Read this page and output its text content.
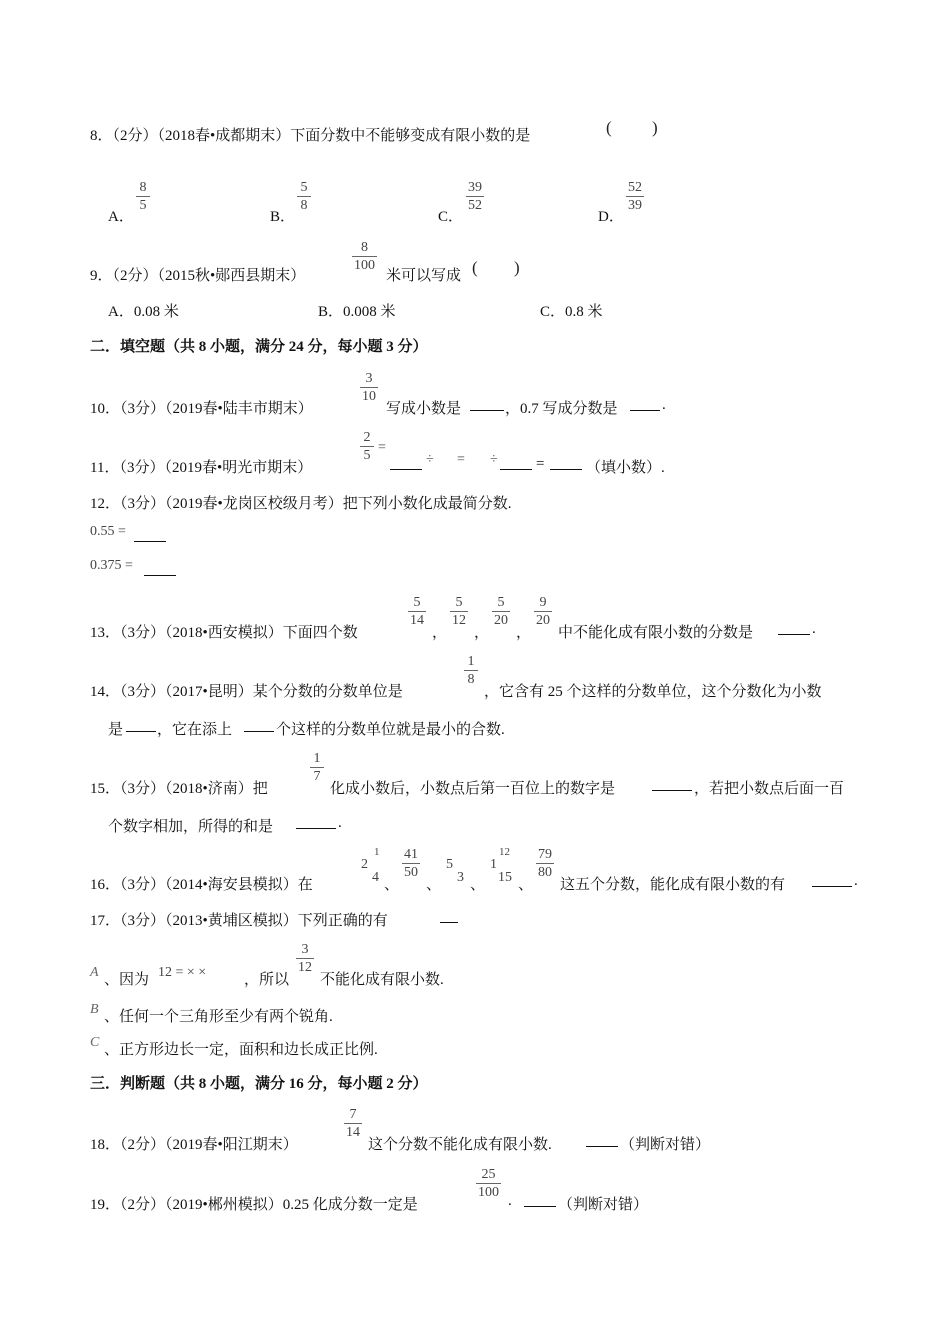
8．（2分）（2018春•成都期末）下面分数中不能够变成有限小数的是	( )
A．
8
5
B．
5
8
C．
39
52
D．
52
39
9．（2分）（2015秋•郧西县期末）
8
100
米可以写成 ( )
A．0.08 米	B．0.008 米	C．0.8 米
二．填空题（共 8 小题，满分 24 分，每小题 3 分）
10．（3分）（2019春•陆丰市期末）
3
10
写成小数是	，0.7 写成分数是	.
11．（3分）（2019春•明光市期末）
2
5
=
÷ = ÷	=	（填小数）.
12．（3分）（2019春•龙岗区校级月考）把下列小数化成最简分数.
0.55 =
0.375 =
13．（3分）（2018•西安模拟）下面四个数
5
14
，
5
12
，
5
20
，
9
20
中不能化成有限小数的分数是	.
14．（3分）（2017•昆明）某个分数的分数单位是
1
8
，它含有 25 个这样的分数单位，这个分数化为小数
是 ，它在添上	个这样的分数单位就是最小的合数.
15．（3分）（2018•济南）把
1
7
化成小数后，小数点后第一百位上的数字是	，若把小数点后面一百
个数字相加，所得的和是	.
16．（3分）（2014•海安县模拟）在
2
1
4 、
41
50
、
5
3 、
1
12
15 、
79
80
这五个分数，能化成有限小数的有	.
17．（3分）（2013•黄埔区模拟）下列正确的有
A 、因为 12 = × ×	，所以
3
12
不能化成有限小数.
B 、任何一个三角形至少有两个锐角.
C 、正方形边长一定，面积和边长成正比例.
三．判断题（共 8 小题，满分 16 分，每小题 2 分）
18．（2分）（2019春•阳江期末）
7
14
这个分数不能化成有限小数.	（判断对错）
19．（2分）（2019•郴州模拟）0.25 化成分数一定是
25
100
.	（判断对错）
